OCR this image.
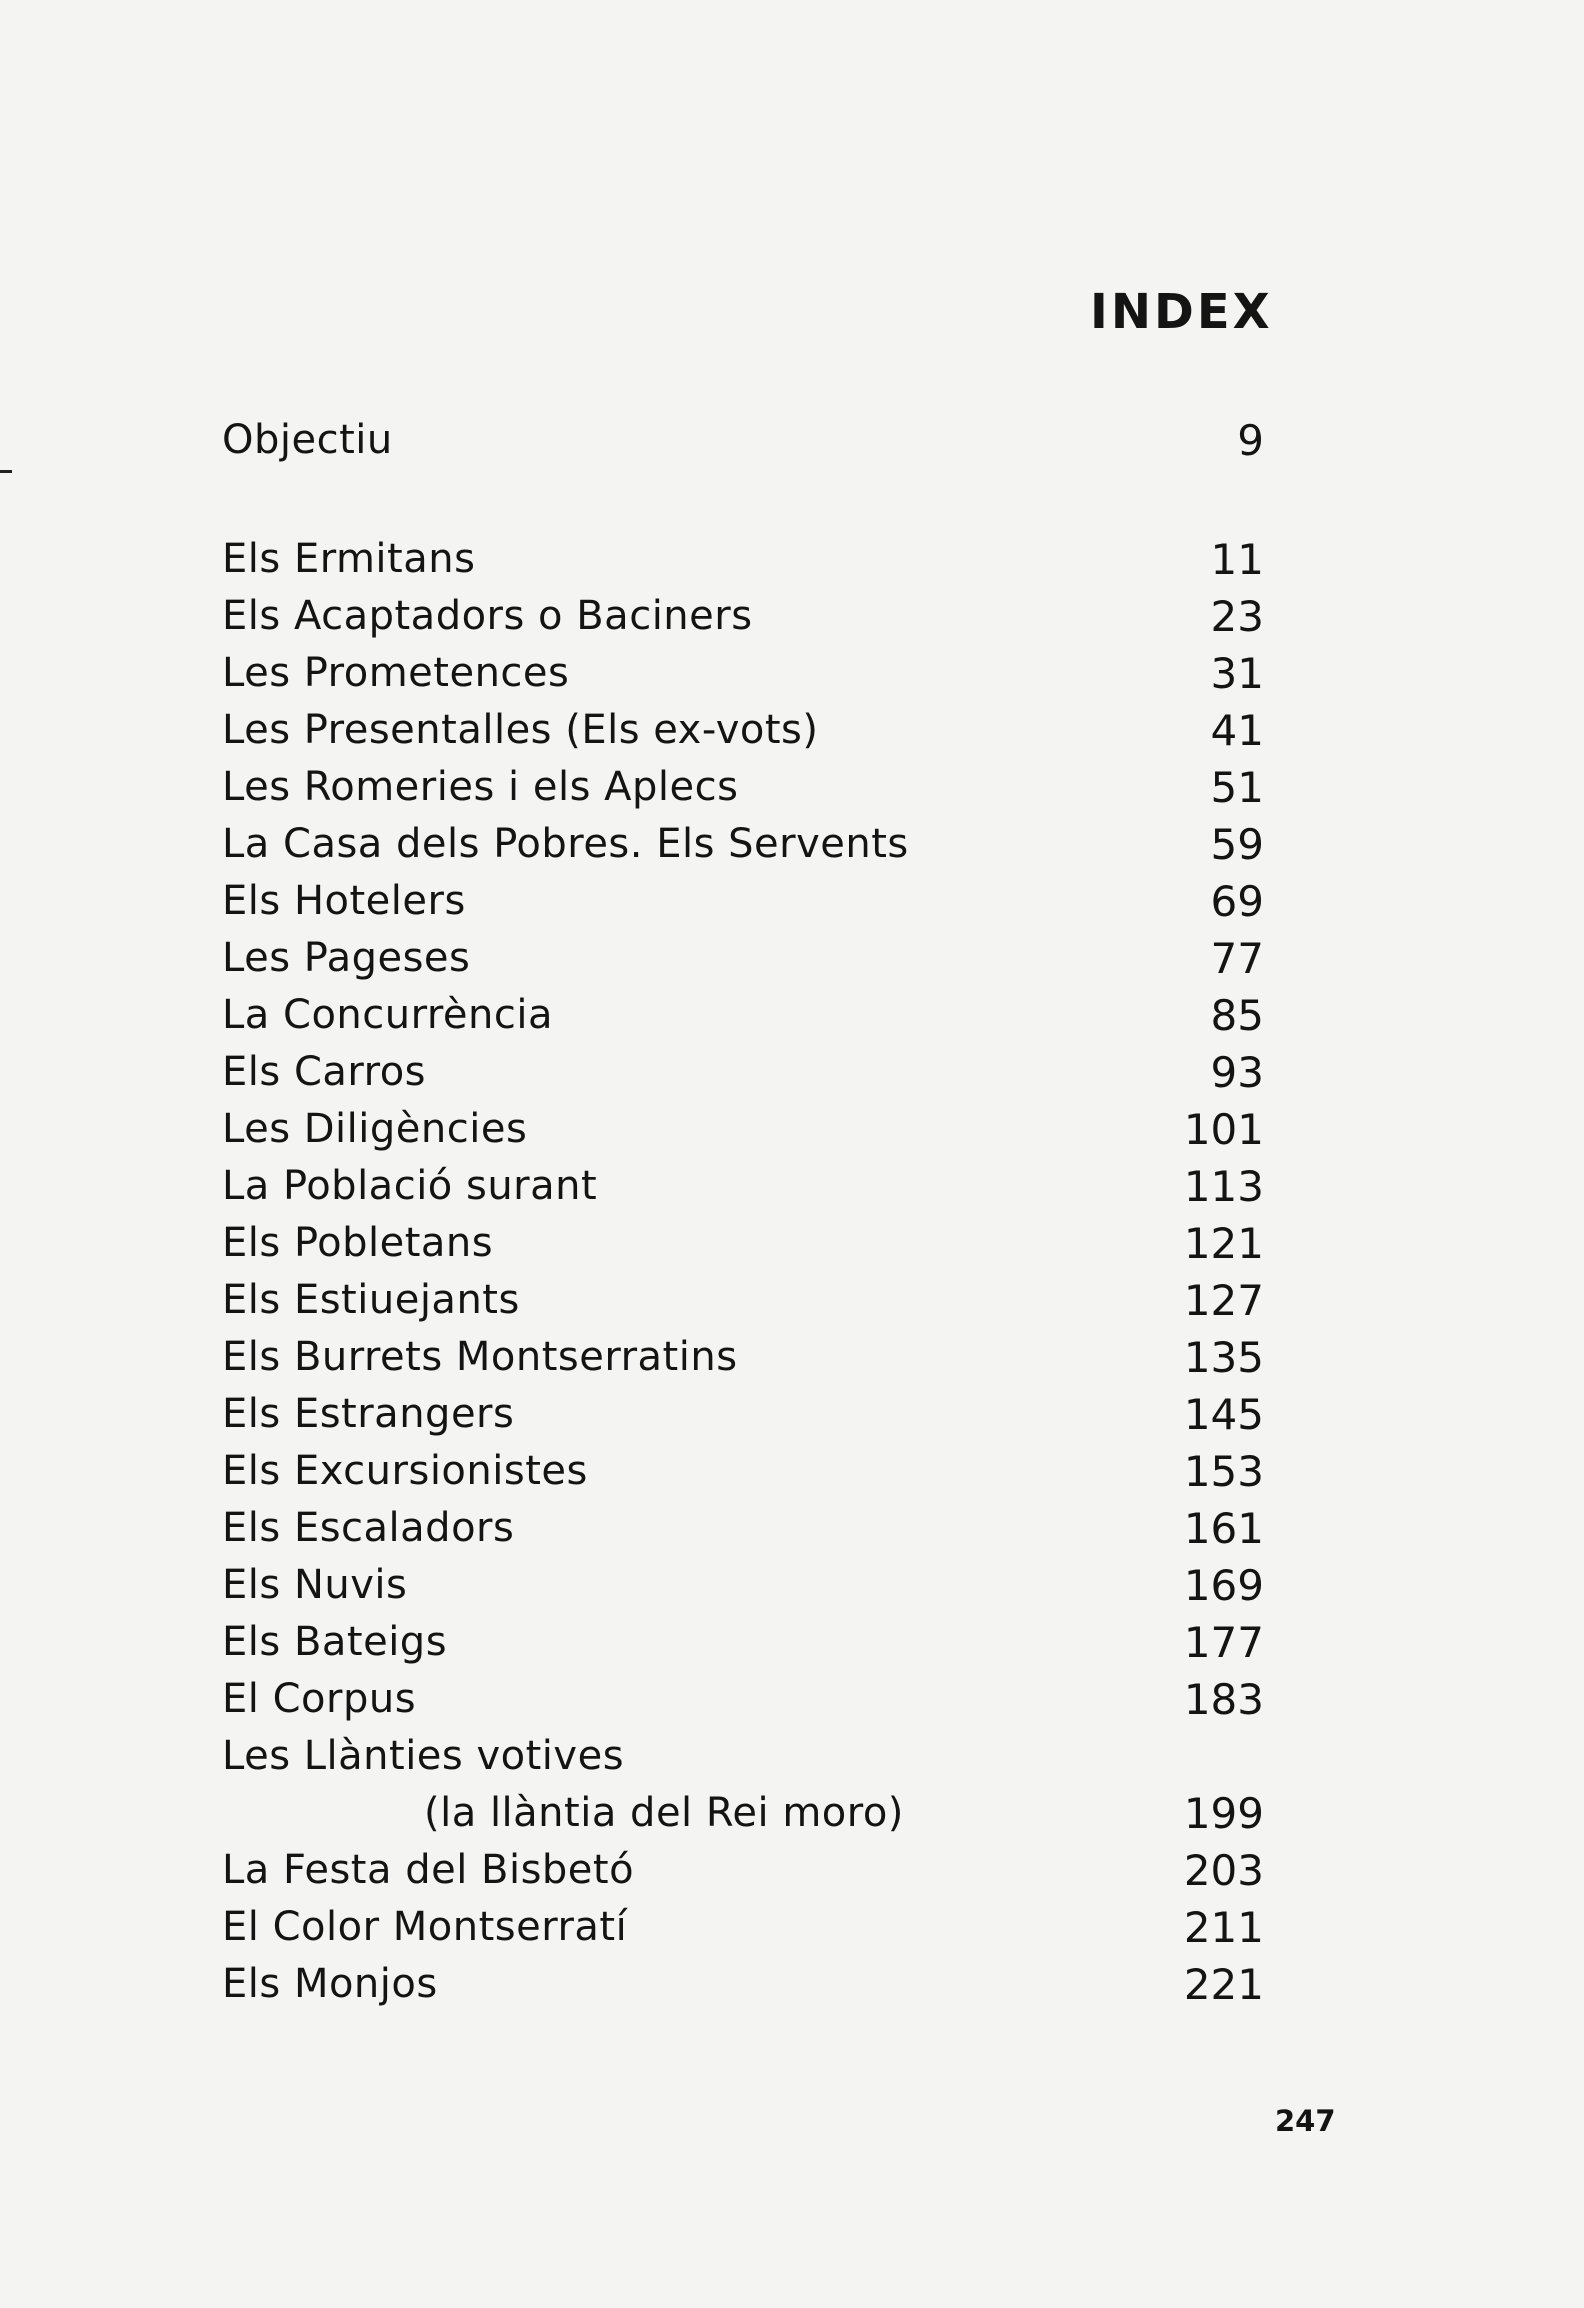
INDEX
Objectiu	9
Els Ermitans	11
Els Acaptadors o Baciners	23
Les Prometences	31
Les Presentalles (Els ex-vots)	41
Les Romeries i els Aplecs	51
La Casa dels Pobres. Els Servents	59
Els Hotelers	69
Les Pageses	77
La Concurrència	85
Els Carros	93
Les Diligències	101
La Població surant	113
Els Pobletans	121
Els Estiuejants	127
Els Burrets Montserratins	135
Els Estrangers	145
Els Excursionistes	153
Els Escaladors	161
Els Nuvis	169
Els Bateigs	177
El Corpus	183
Les Llànties votives
(la llàntia del Rei moro)	199
La Festa del Bisbetó	203
El Color Montserratí	211
Els Monjos	221
247
